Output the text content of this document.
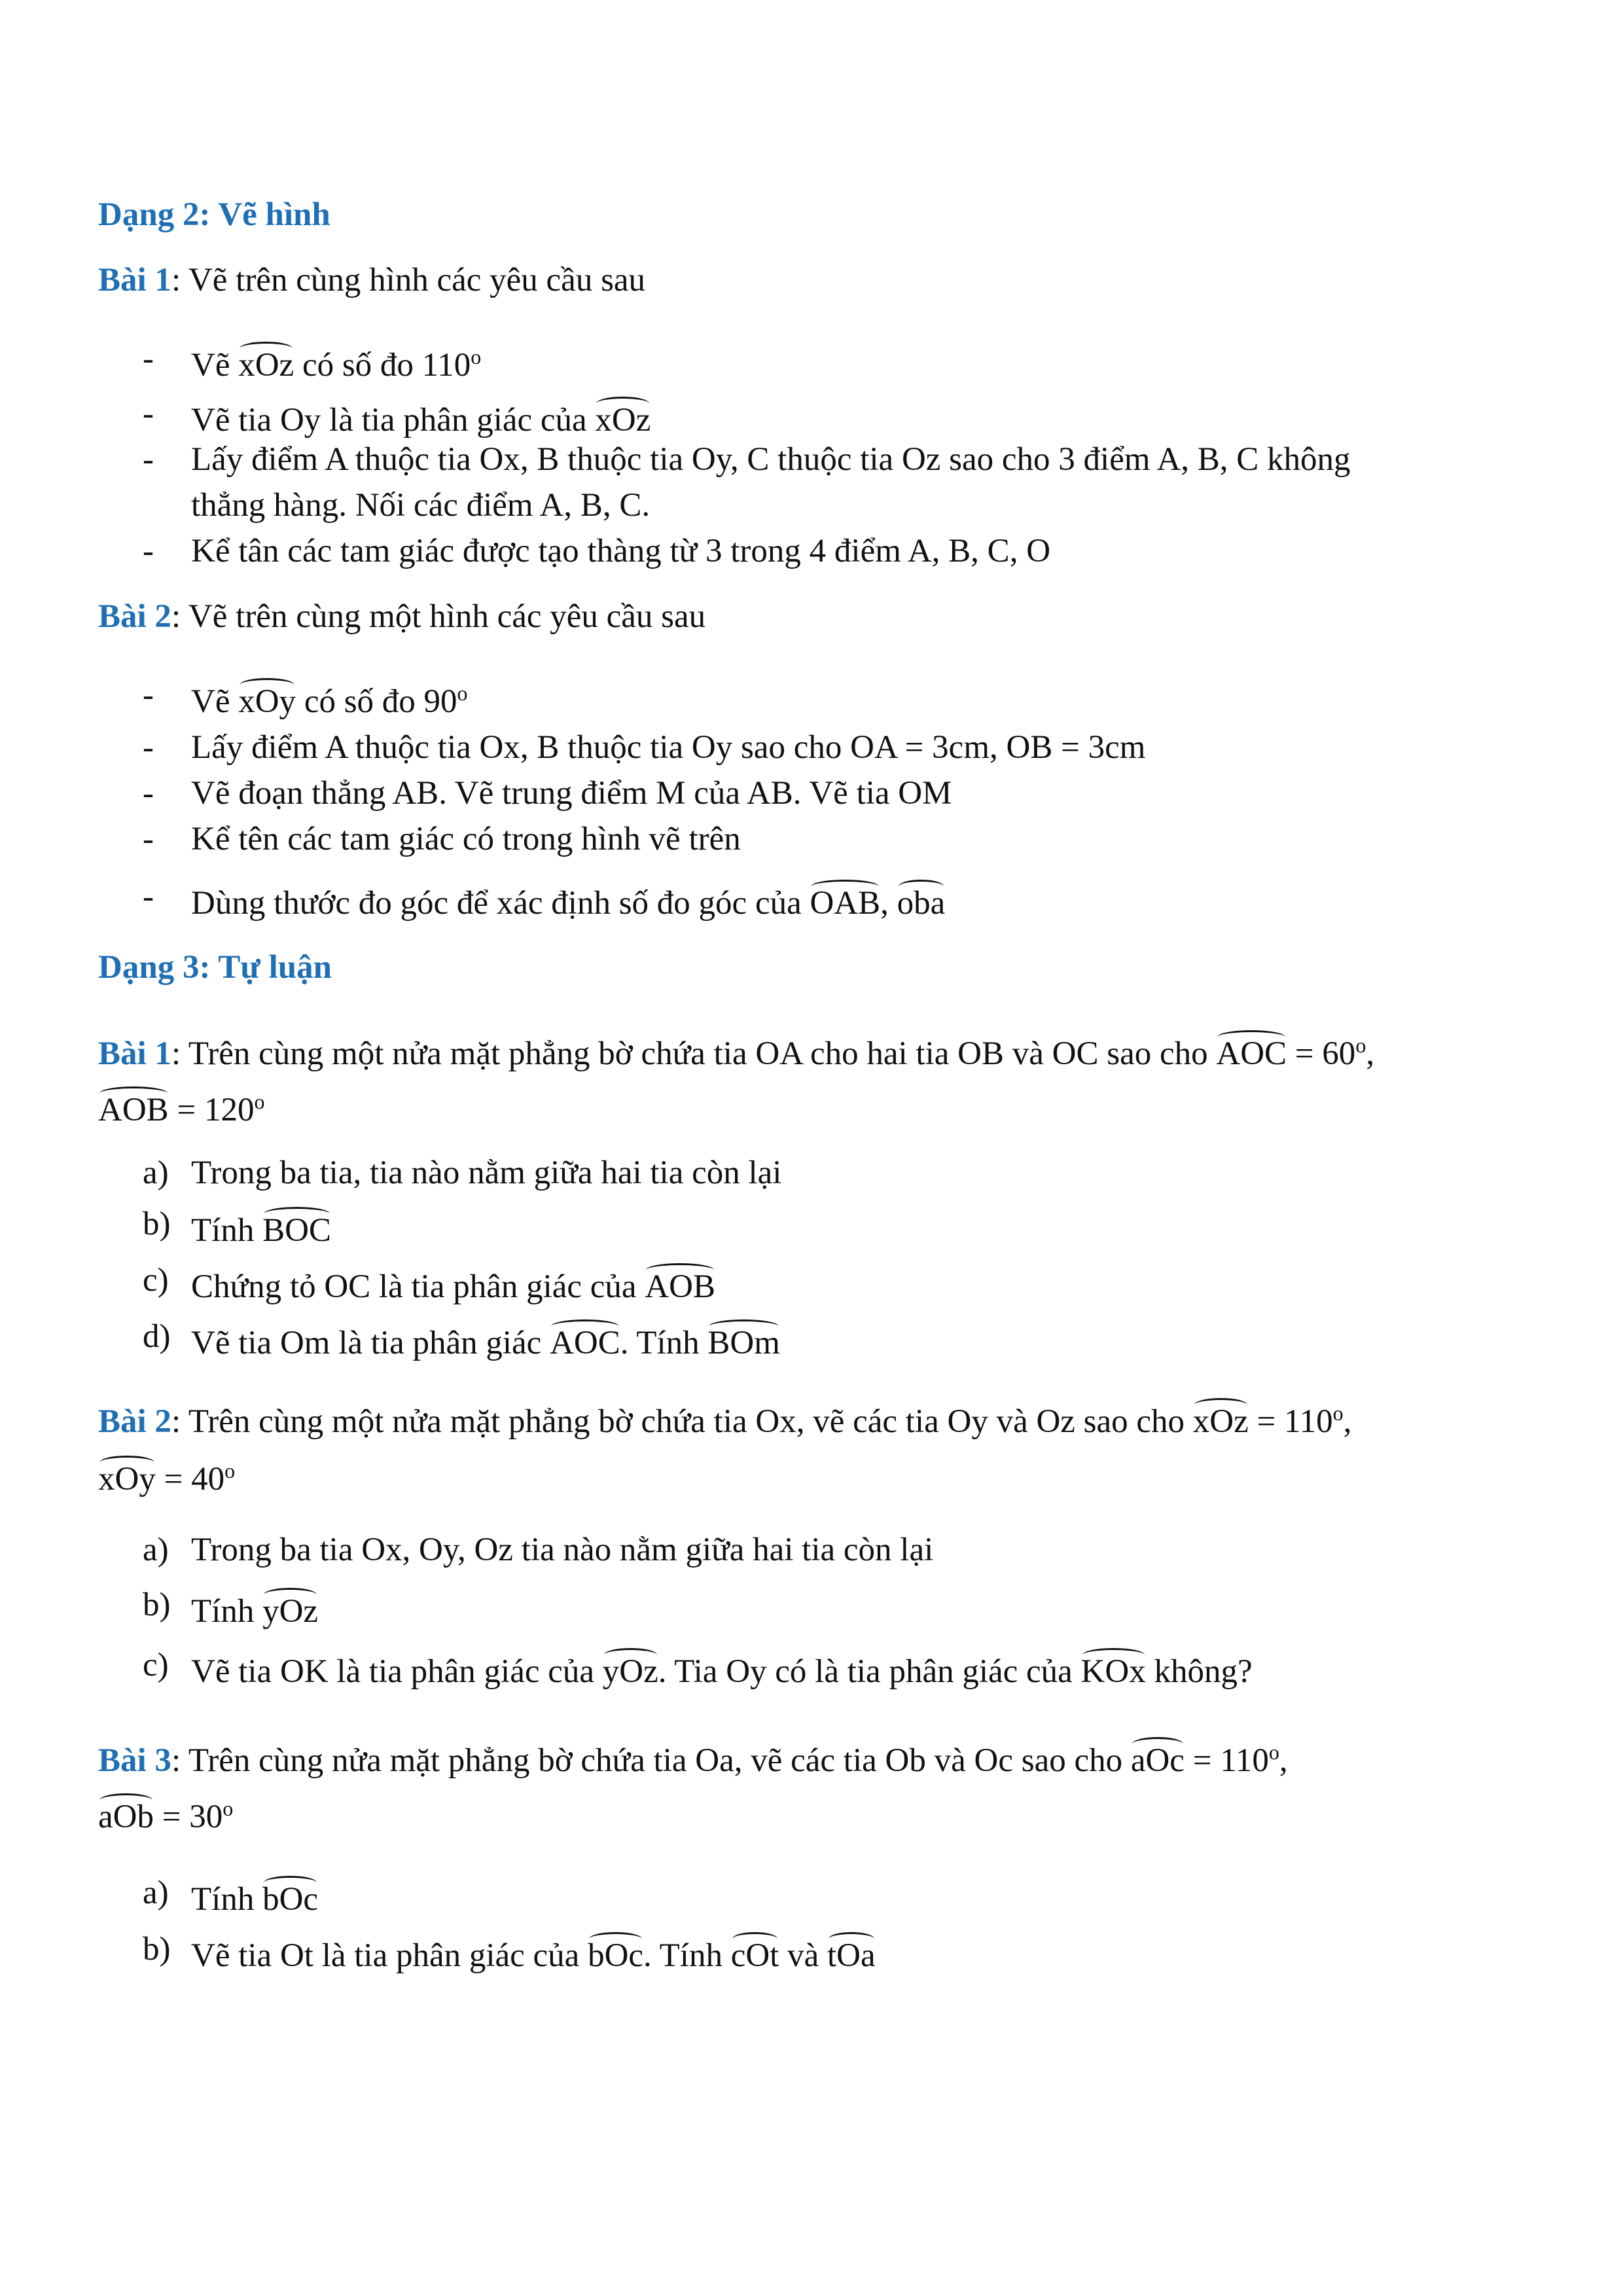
Dạng 2: Vẽ hình
Bài 1: Vẽ trên cùng hình các yêu cầu sau
- Vẽ
xOz có số đo 110$^o$
- Vẽ tia Oy là tia phân giác của
xOz
- Lấy điểm A thuộc tia Ox, B thuộc tia Oy, C thuộc tia Oz sao cho 3 điểm A, B, C không
thẳng hàng. Nối các điểm A, B, C.
- Kể tân các tam giác được tạo thàng từ 3 trong 4 điểm A, B, C, O
Bài 2: Vẽ trên cùng một hình các yêu cầu sau
- Vẽ
xOy có số đo 90$^o$
- Lấy điểm A thuộc tia Ox, B thuộc tia Oy sao cho OA = 3cm, OB = 3cm
- Vẽ đoạn thẳng AB. Vẽ trung điểm M của AB. Vẽ tia OM
- Kể tên các tam giác có trong hình vẽ trên
- Dùng thước đo góc để xác định số đo góc của
OAB,
oba
Dạng 3: Tự luận
Bài 1: Trên cùng một nửa mặt phẳng bờ chứa tia OA cho hai tia OB và OC sao cho
AOC = $60^o$,
AOB = $120^o$
a) Trong ba tia, tia nào nằm giữa hai tia còn lại
b) Tính
BOC
c) Chứng tỏ OC là tia phân giác của
AOB
d) Vẽ tia Om là tia phân giác
AOC. Tính
BOm
Bài 2: Trên cùng một nửa mặt phẳng bờ chứa tia Ox, vẽ các tia Oy và Oz sao cho
xOz = $110^o$,
xOy = $40^o$
a) Trong ba tia Ox, Oy, Oz tia nào nằm giữa hai tia còn lại
b) Tính
yOz
c) Vẽ tia OK là tia phân giác của
yOz. Tia Oy có là tia phân giác của
KOx không?
Bài 3: Trên cùng nửa mặt phẳng bờ chứa tia Oa, vẽ các tia Ob và Oc sao cho
aOc = $110^o$,
aOb = $30^o$
a) Tính
bOc
b) Vẽ tia Ot là tia phân giác của
bOc. Tính
cOt và
tOa
